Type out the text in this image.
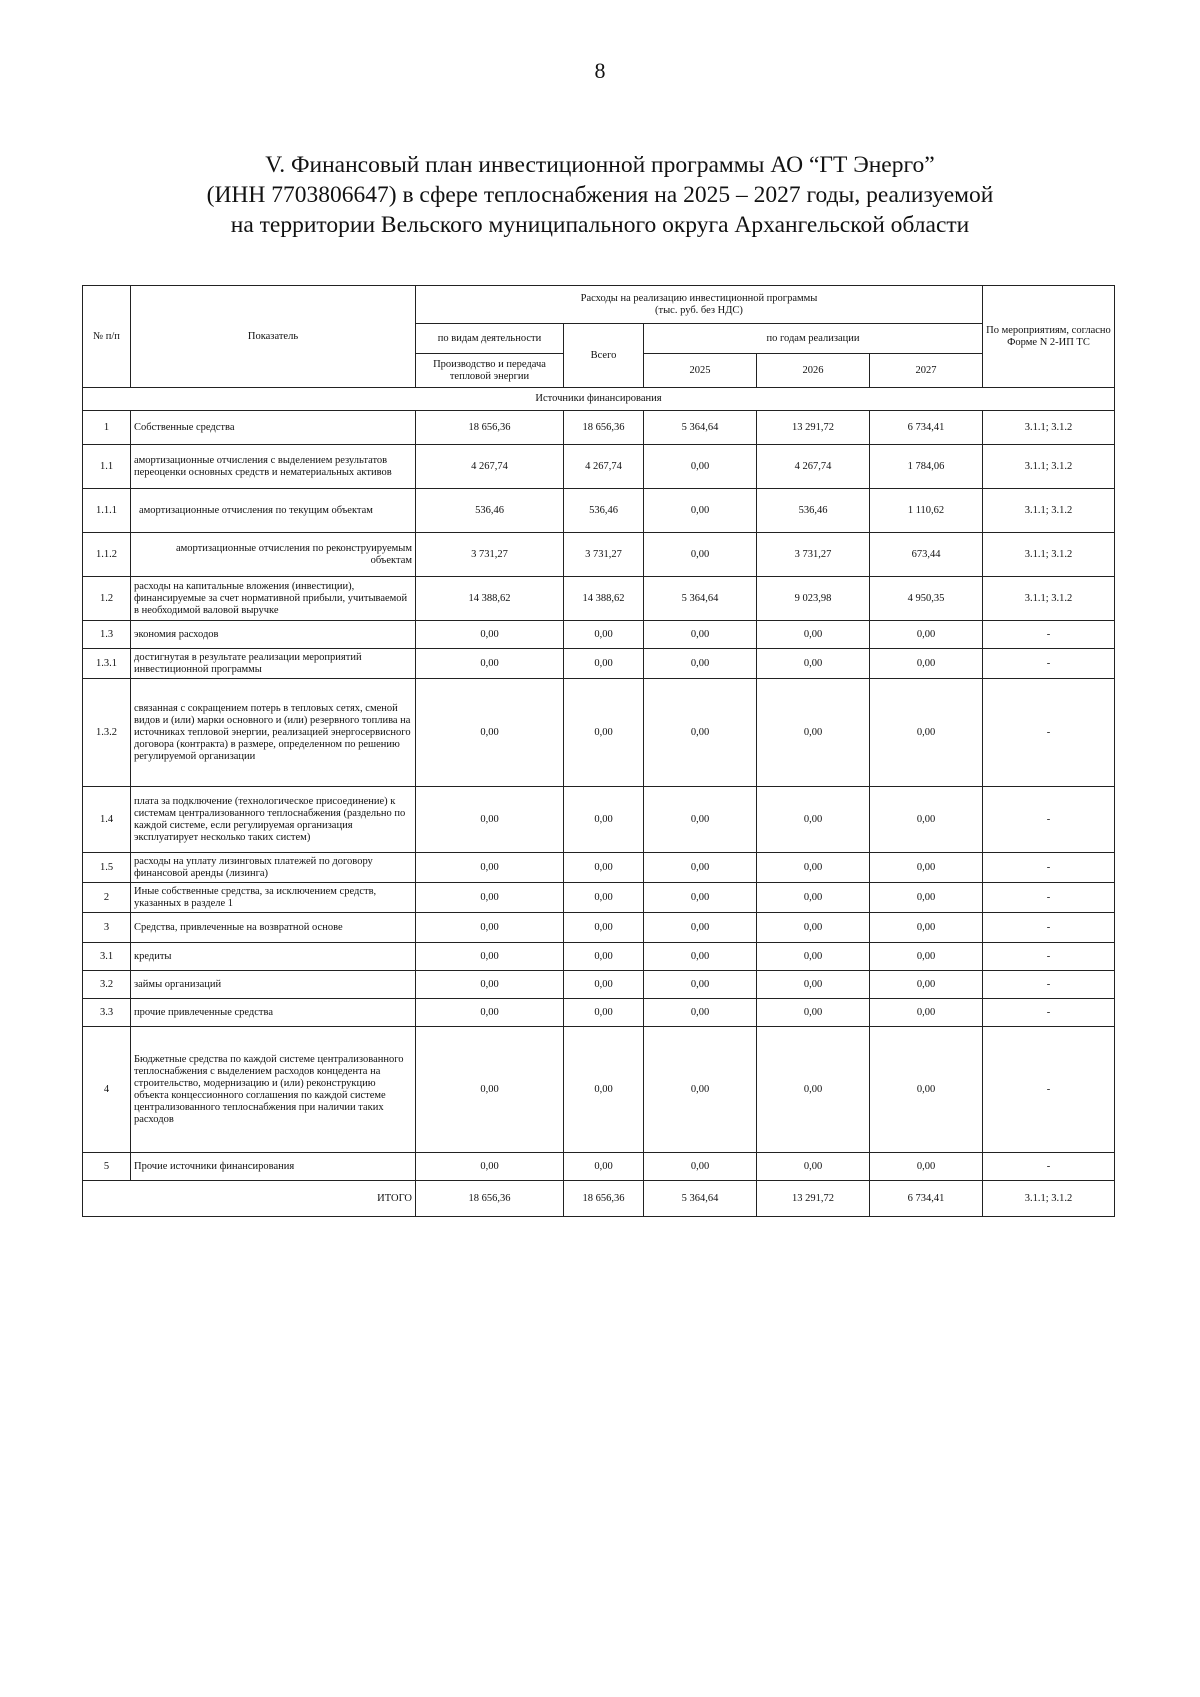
8
V. Финансовый план инвестиционной программы АО “ГТ Энерго”
(ИНН 7703806647) в сфере теплоснабжения на 2025 – 2027 годы, реализуемой
на территории Вельского муниципального округа Архангельской области
№ п/п	Показатель	Расходы на реализацию инвестиционной программы
(тыс. руб. без НДС)					По мероприятиям, согласно Форме N 2-ИП ТС
		по видам деятельности	Всего	по годам реализации			
		Производство и передача тепловой энергии		2025	2026	2027	
Источники финансирования							
1	Собственные средства	18 656,36	18 656,36	5 364,64	13 291,72	6 734,41	3.1.1; 3.1.2
1.1	амортизационные отчисления с выделением результатов переоценки основных средств и нематериальных активов	4 267,74	4 267,74	0,00	4 267,74	1 784,06	3.1.1; 3.1.2
1.1.1	амортизационные отчисления по текущим объектам	536,46	536,46	0,00	536,46	1 110,62	3.1.1; 3.1.2
1.1.2	амортизационные отчисления по реконструируемым объектам	3 731,27	3 731,27	0,00	3 731,27	673,44	3.1.1; 3.1.2
1.2	расходы на капитальные вложения (инвестиции), финансируемые за счет нормативной прибыли, учитываемой в необходимой валовой выручке	14 388,62	14 388,62	5 364,64	9 023,98	4 950,35	3.1.1; 3.1.2
1.3	экономия расходов	0,00	0,00	0,00	0,00	0,00	-
1.3.1	достигнутая в результате реализации мероприятий инвестиционной программы	0,00	0,00	0,00	0,00	0,00	-
1.3.2	связанная с сокращением потерь в тепловых сетях, сменой видов и (или) марки основного и (или) резервного топлива на источниках тепловой энергии, реализацией энергосервисного договора (контракта) в размере, определенном по решению регулируемой организации	0,00	0,00	0,00	0,00	0,00	-
1.4	плата за подключение (технологическое присоединение) к системам централизованного теплоснабжения (раздельно по каждой системе, если регулируемая организация эксплуатирует несколько таких систем)	0,00	0,00	0,00	0,00	0,00	-
1.5	расходы на уплату лизинговых платежей по договору финансовой аренды (лизинга)	0,00	0,00	0,00	0,00	0,00	-
2	Иные собственные средства, за исключением средств, указанных в разделе 1	0,00	0,00	0,00	0,00	0,00	-
3	Средства, привлеченные на возвратной основе	0,00	0,00	0,00	0,00	0,00	-
3.1	кредиты	0,00	0,00	0,00	0,00	0,00	-
3.2	займы организаций	0,00	0,00	0,00	0,00	0,00	-
3.3	прочие привлеченные средства	0,00	0,00	0,00	0,00	0,00	-
4	Бюджетные средства по каждой системе централизованного теплоснабжения с выделением расходов концедента на строительство, модернизацию и (или) реконструкцию объекта концессионного соглашения по каждой системе централизованного теплоснабжения при наличии таких расходов	0,00	0,00	0,00	0,00	0,00	-
5	Прочие источники финансирования	0,00	0,00	0,00	0,00	0,00	-
ИТОГО		18 656,36	18 656,36	5 364,64	13 291,72	6 734,41	3.1.1; 3.1.2
